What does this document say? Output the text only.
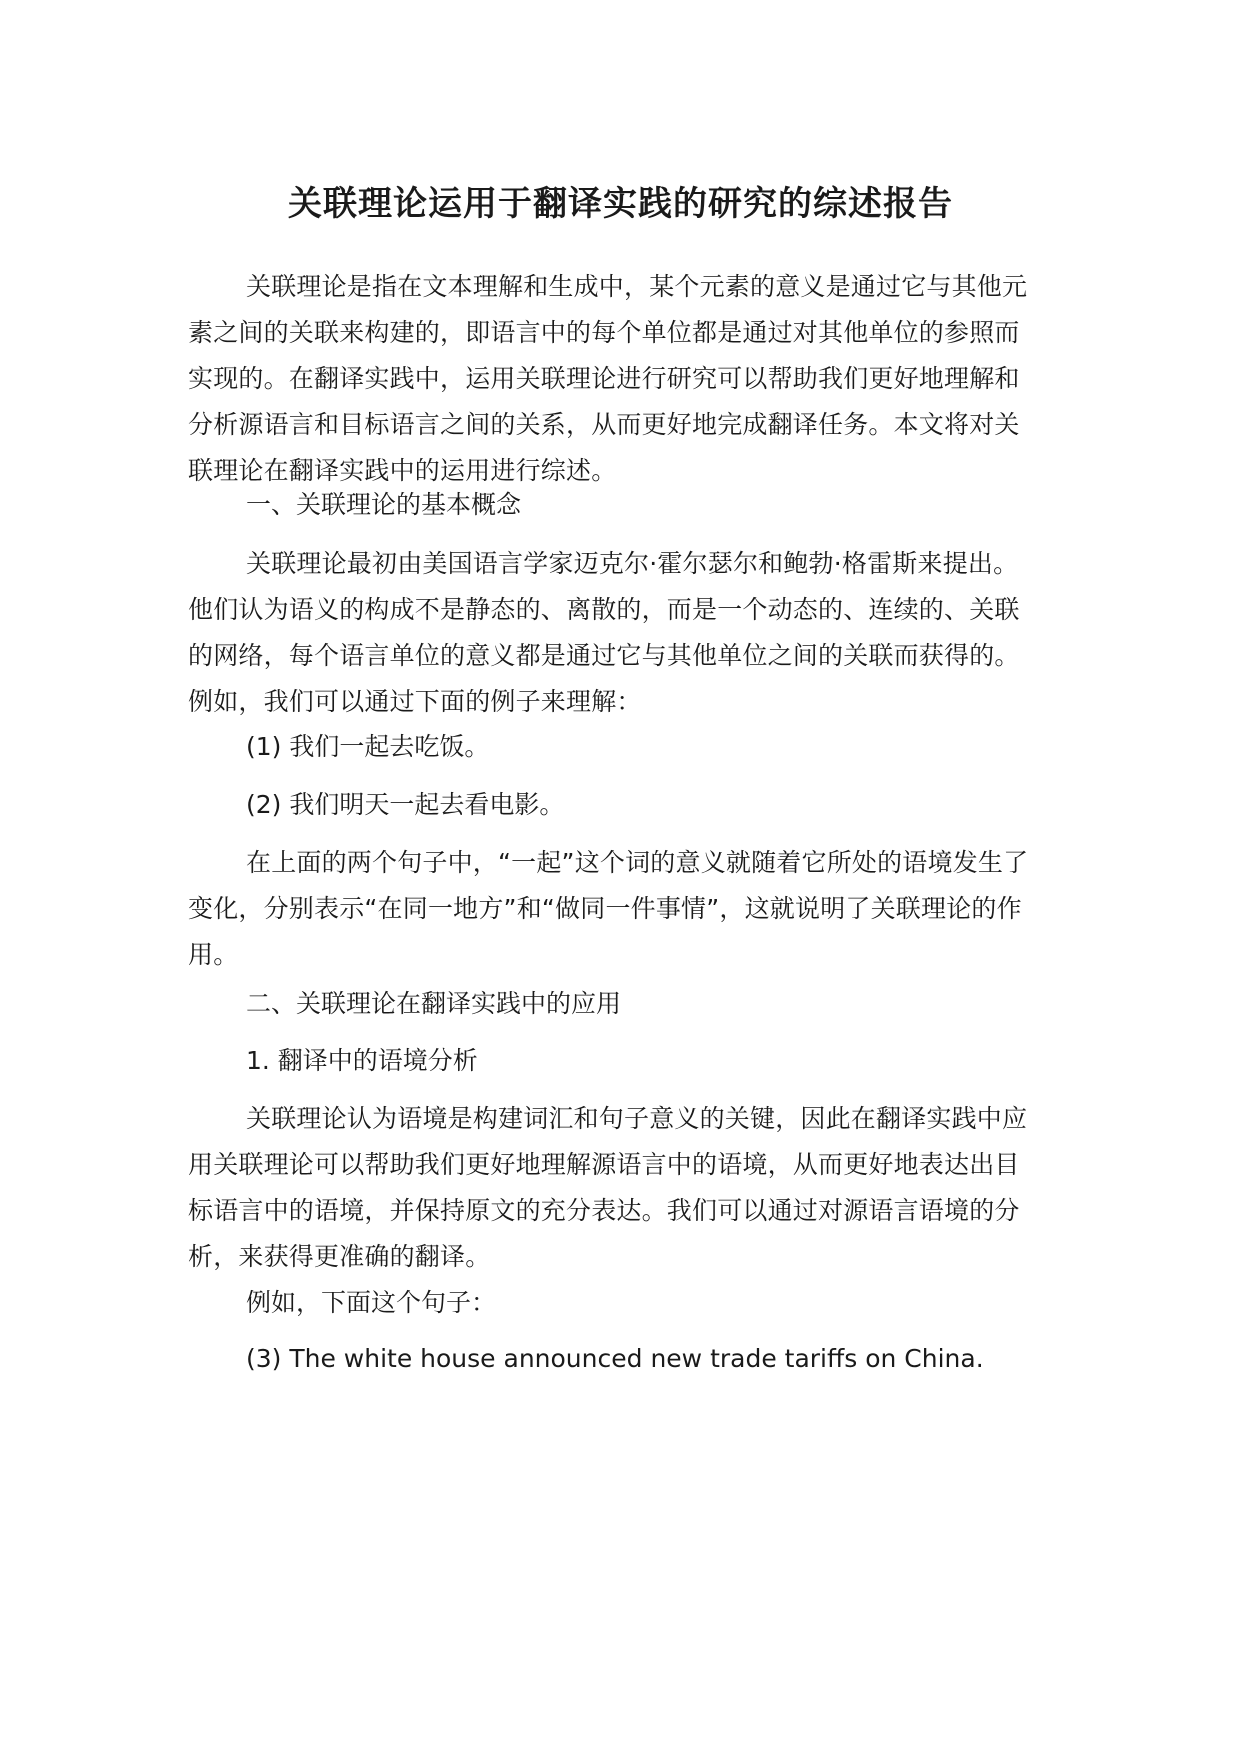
关联理论运用于翻译实践的研究的综述报告

关联理论是指在文本理解和生成中，某个元素的意义是通过它与其他元素之间的关联来构建的，即语言中的每个单位都是通过对其他单位的参照而实现的。在翻译实践中，运用关联理论进行研究可以帮助我们更好地理解和分析源语言和目标语言之间的关系，从而更好地完成翻译任务。本文将对关联理论在翻译实践中的运用进行综述。

一、关联理论的基本概念

关联理论最初由美国语言学家迈克尔·霍尔瑟尔和鲍勃·格雷斯来提出。他们认为语义的构成不是静态的、离散的，而是一个动态的、连续的、关联的网络，每个语言单位的意义都是通过它与其他单位之间的关联而获得的。例如，我们可以通过下面的例子来理解：

(1) 我们一起去吃饭。

(2) 我们明天一起去看电影。

在上面的两个句子中，“一起”这个词的意义就随着它所处的语境发生了变化，分别表示“在同一地方”和“做同一件事情”，这就说明了关联理论的作用。

二、关联理论在翻译实践中的应用

1. 翻译中的语境分析

关联理论认为语境是构建词汇和句子意义的关键，因此在翻译实践中应用关联理论可以帮助我们更好地理解源语言中的语境，从而更好地表达出目标语言中的语境，并保持原文的充分表达。我们可以通过对源语言语境的分析，来获得更准确的翻译。

例如，下面这个句子：

(3) The white house announced new trade tariffs on China.
